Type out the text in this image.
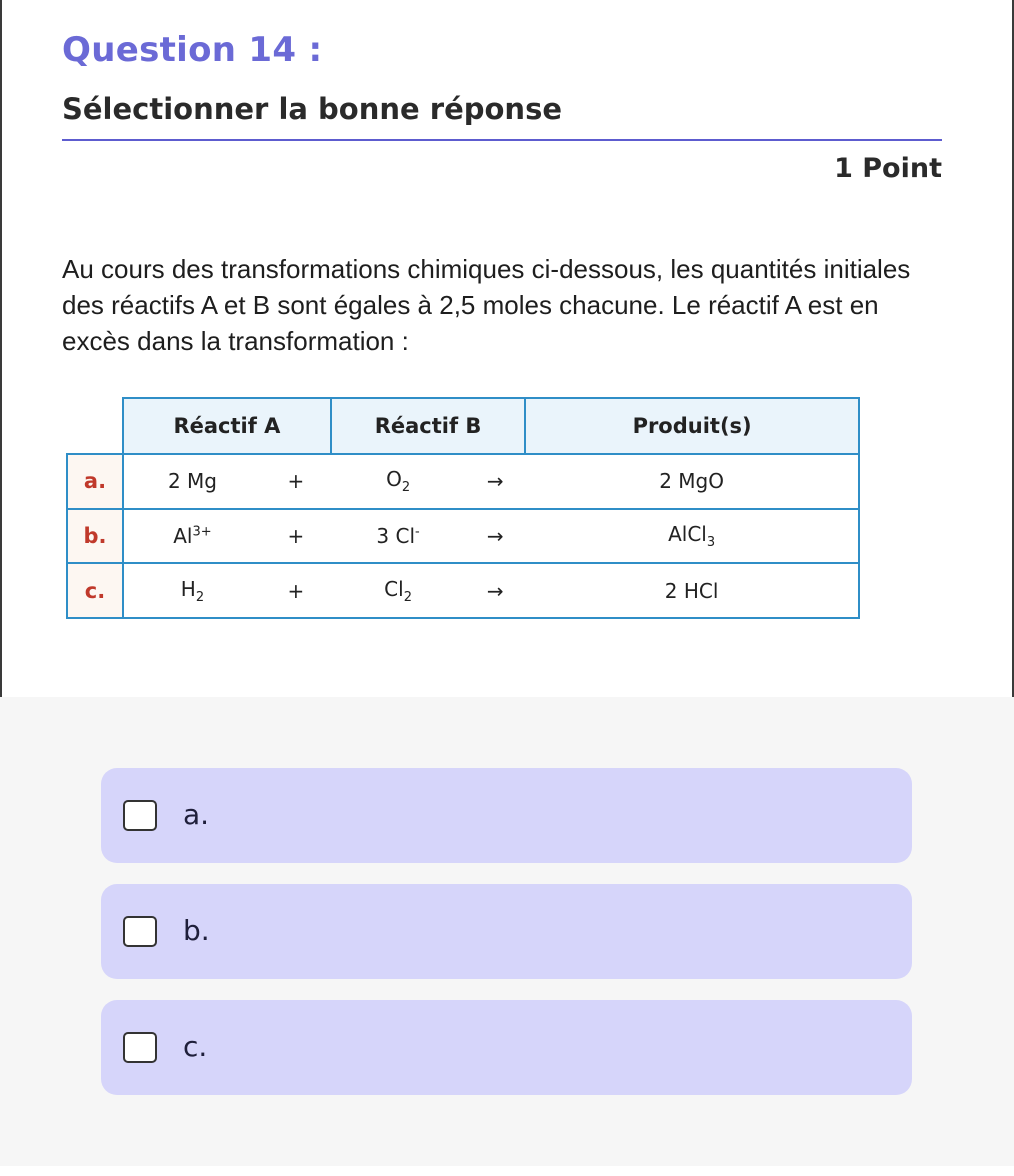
Question 14 :
Sélectionner la bonne réponse
1 Point
Au cours des transformations chimiques ci-dessous, les quantités initiales des réactifs A et B sont égales à 2,5 moles chacune. Le réactif A est en excès dans la transformation :
	Réactif A		Réactif B		Produit(s)
a.	2 Mg	+	$O_2$	→	2 MgO
b.	$Al^{3+}$	+	3 Cl-	→	AlCl$_3$
c.	$H_2$	+	$Cl_2$	→	2 HCl
a.
b.
c.
